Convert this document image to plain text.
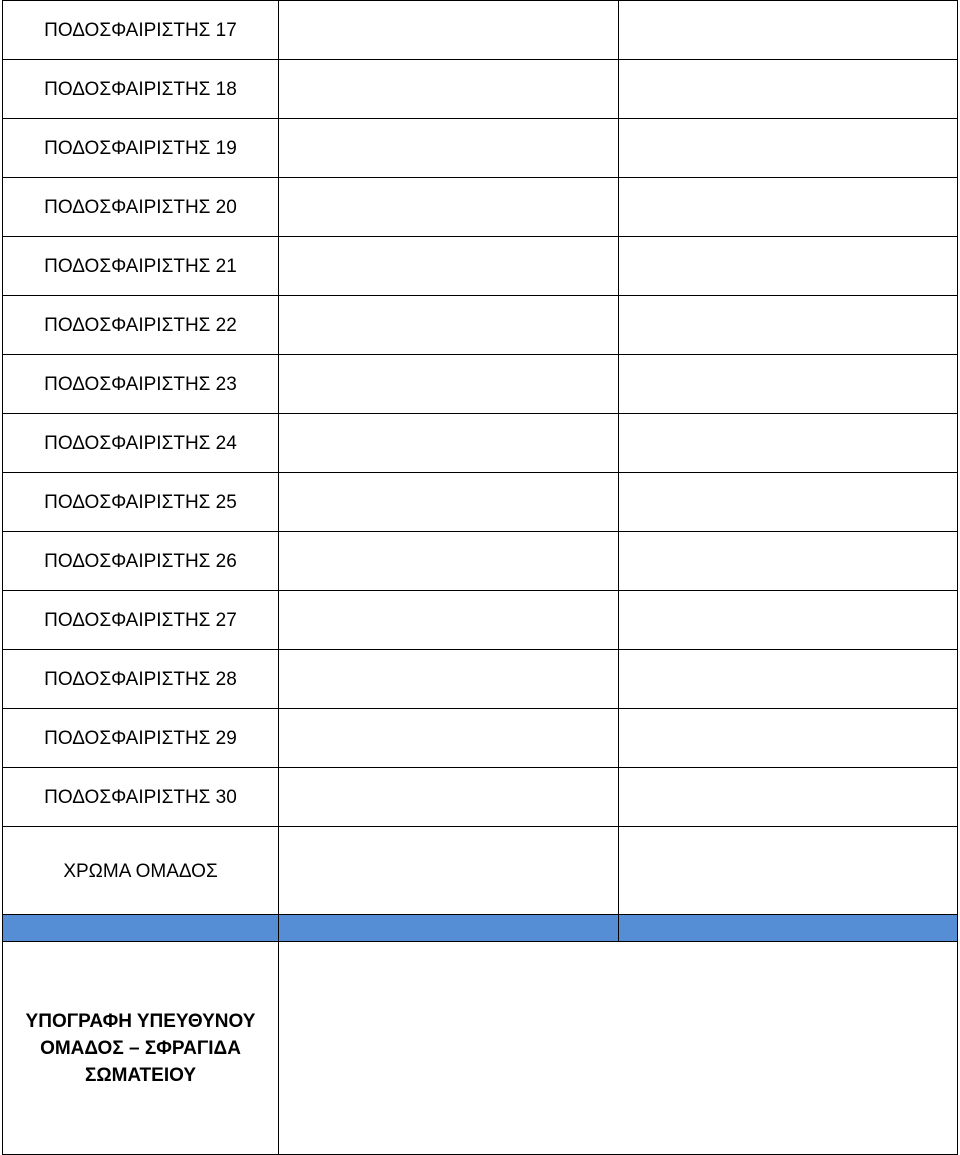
ΠΟΔΟΣΦΑΙΡΙΣΤΗΣ 17		
ΠΟΔΟΣΦΑΙΡΙΣΤΗΣ 18		
ΠΟΔΟΣΦΑΙΡΙΣΤΗΣ 19		
ΠΟΔΟΣΦΑΙΡΙΣΤΗΣ 20		
ΠΟΔΟΣΦΑΙΡΙΣΤΗΣ 21		
ΠΟΔΟΣΦΑΙΡΙΣΤΗΣ 22		
ΠΟΔΟΣΦΑΙΡΙΣΤΗΣ 23		
ΠΟΔΟΣΦΑΙΡΙΣΤΗΣ 24		
ΠΟΔΟΣΦΑΙΡΙΣΤΗΣ 25		
ΠΟΔΟΣΦΑΙΡΙΣΤΗΣ 26		
ΠΟΔΟΣΦΑΙΡΙΣΤΗΣ 27		
ΠΟΔΟΣΦΑΙΡΙΣΤΗΣ 28		
ΠΟΔΟΣΦΑΙΡΙΣΤΗΣ 29		
ΠΟΔΟΣΦΑΙΡΙΣΤΗΣ 30		
ΧΡΩΜΑ ΟΜΑΔΟΣ		

ΥΠΟΓΡΑΦΗ ΥΠΕΥΘΥΝΟΥ
ΟΜΑΔΟΣ – ΣΦΡΑΓΙΔΑ
ΣΩΜΑΤΕΙΟΥ		
